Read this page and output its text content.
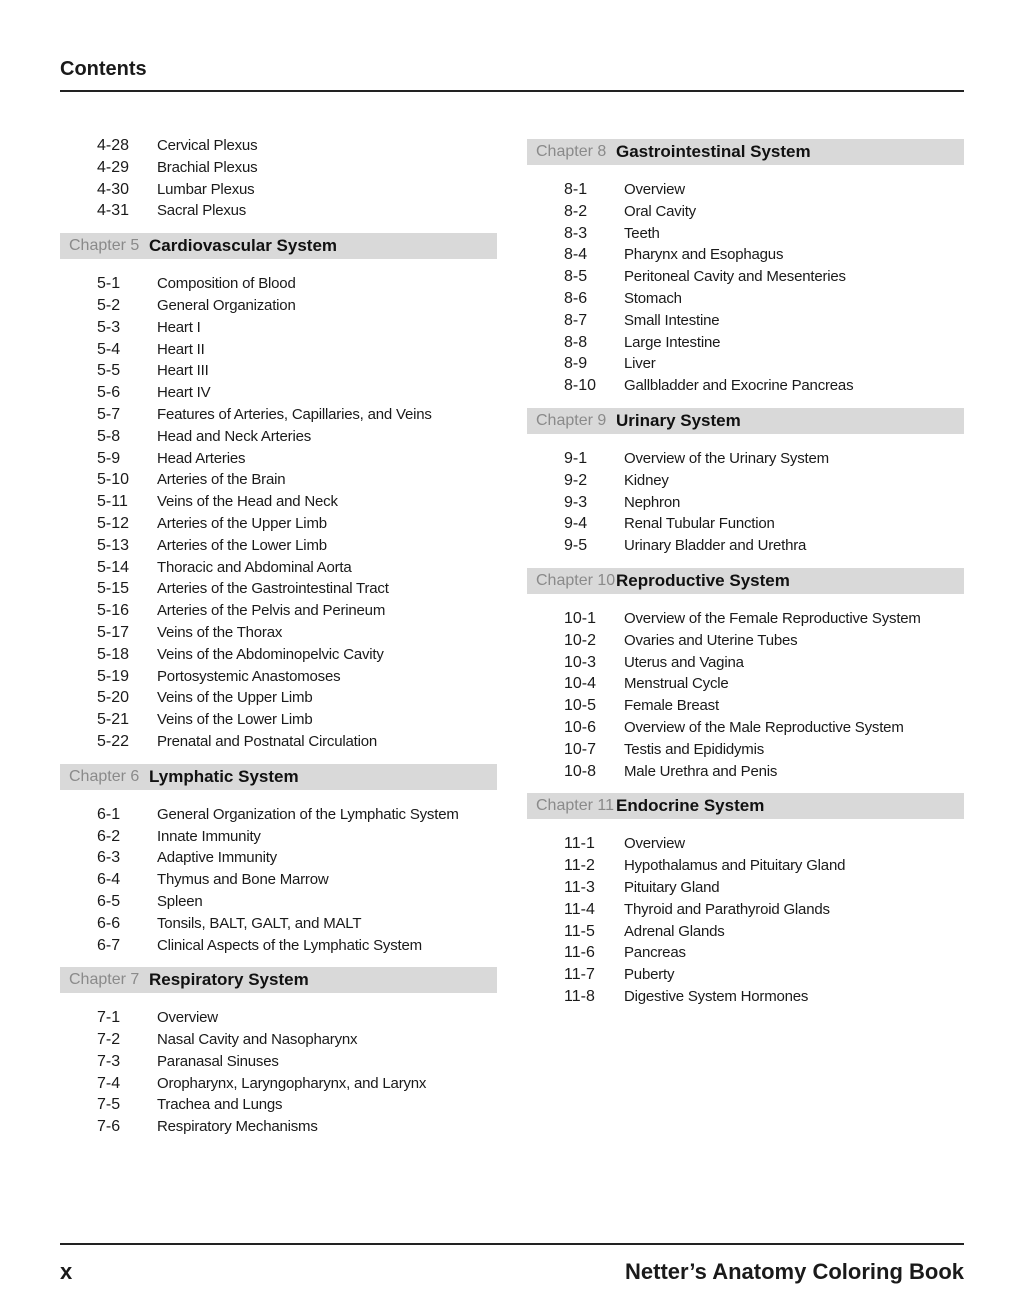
Contents
4-28	Cervical Plexus
4-29	Brachial Plexus
4-30	Lumbar Plexus
4-31	Sacral Plexus
Chapter 5 Cardiovascular System
5-1	Composition of Blood
5-2	General Organization
5-3	Heart I
5-4	Heart II
5-5	Heart III
5-6	Heart IV
5-7	Features of Arteries, Capillaries, and Veins
5-8	Head and Neck Arteries
5-9	Head Arteries
5-10	Arteries of the Brain
5-11	Veins of the Head and Neck
5-12	Arteries of the Upper Limb
5-13	Arteries of the Lower Limb
5-14	Thoracic and Abdominal Aorta
5-15	Arteries of the Gastrointestinal Tract
5-16	Arteries of the Pelvis and Perineum
5-17	Veins of the Thorax
5-18	Veins of the Abdominopelvic Cavity
5-19	Portosystemic Anastomoses
5-20	Veins of the Upper Limb
5-21	Veins of the Lower Limb
5-22	Prenatal and Postnatal Circulation
Chapter 6 Lymphatic System
6-1	General Organization of the Lymphatic System
6-2	Innate Immunity
6-3	Adaptive Immunity
6-4	Thymus and Bone Marrow
6-5	Spleen
6-6	Tonsils, BALT, GALT, and MALT
6-7	Clinical Aspects of the Lymphatic System
Chapter 7 Respiratory System
7-1	Overview
7-2	Nasal Cavity and Nasopharynx
7-3	Paranasal Sinuses
7-4	Oropharynx, Laryngopharynx, and Larynx
7-5	Trachea and Lungs
7-6	Respiratory Mechanisms
Chapter 8 Gastrointestinal System
8-1	Overview
8-2	Oral Cavity
8-3	Teeth
8-4	Pharynx and Esophagus
8-5	Peritoneal Cavity and Mesenteries
8-6	Stomach
8-7	Small Intestine
8-8	Large Intestine
8-9	Liver
8-10	Gallbladder and Exocrine Pancreas
Chapter 9 Urinary System
9-1	Overview of the Urinary System
9-2	Kidney
9-3	Nephron
9-4	Renal Tubular Function
9-5	Urinary Bladder and Urethra
Chapter 10 Reproductive System
10-1	Overview of the Female Reproductive System
10-2	Ovaries and Uterine Tubes
10-3	Uterus and Vagina
10-4	Menstrual Cycle
10-5	Female Breast
10-6	Overview of the Male Reproductive System
10-7	Testis and Epididymis
10-8	Male Urethra and Penis
Chapter 11 Endocrine System
11-1	Overview
11-2	Hypothalamus and Pituitary Gland
11-3	Pituitary Gland
11-4	Thyroid and Parathyroid Glands
11-5	Adrenal Glands
11-6	Pancreas
11-7	Puberty
11-8	Digestive System Hormones
x	Netter’s Anatomy Coloring Book
